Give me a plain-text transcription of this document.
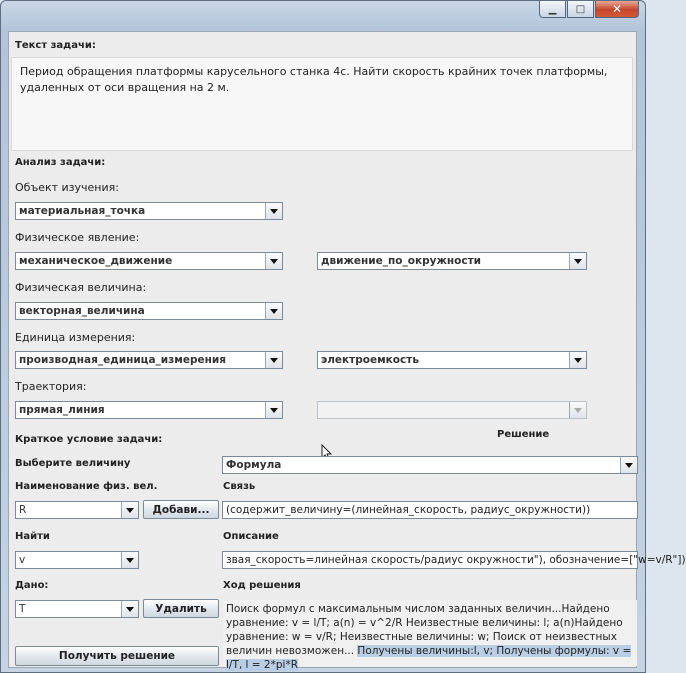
▁ □ ✕
Текст задачи:
Период обращения платформы карусельного станка 4с. Найти скорость крайних точек платформы, удаленных от оси вращения на 2 м.
Анализ задачи:
Объект изучения:
материальная_точка
Физическое явление:
механическое_движение	движение_по_окружности
Физическая величина:
векторная_величина
Единица измерения:
производная_единица_измерения	электроемкость
Траектория:
прямая_линия
Краткое условие задачи:	Решение
Выберите величину	Формула
Наименование физ. вел.	Связь
R	Добави...	(содержит_величину=(линейная_скорость, радиус_окружности))
Найти	Описание
v	звая_скорость=линейная скорость/радиус окружности"), обозначение=["w=v/R"])
Дано:	Ход решения
T	Удалить	Поиск формул с максимальным числом заданных величин...Найдено уравнение: v = l/T; a(n) = v^2/R Неизвестные величины: l; a(n)Найдено уравнение: w = v/R; Неизвестные величины: w; Поиск от неизвестных величин невозможен... Получены величины:l, v; Получены формулы: v = l/T, l = 2*pi*R
Получить решение
